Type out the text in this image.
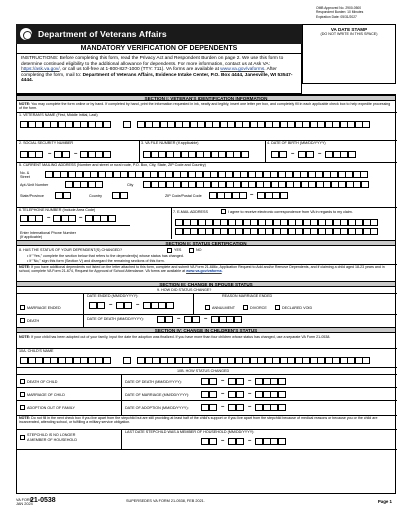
OMB Approved No. 2900-0500
Respondent Burden: 10 Minutes
Expiration Date: 05/31/2027
Department of Veterans Affairs	VA DATE STAMP
(DO NOT WRITE IN THIS SPACE)
MANDATORY VERIFICATION OF DEPENDENTS
INSTRUCTIONS: Before completing this form, read the Privacy Act and Respondent Burden on page 2. We use this form to determine continued eligibility to the additional allowance for dependents. For more information, contact us at Ask VA: https://ask.va.gov/, or call us toll-free at 1-800-827-1000 (TTY: 711). VA forms are available at www.va.gov/vaforms. After completing the form, mail to: Department of Veterans Affairs, Evidence Intake Center, P.O. Box 4444, Janesville, WI 53547- 4444.
SECTION I: VETERAN'S IDENTIFICATION INFORMATION
NOTE: You may complete the form online or by hand. If completed by hand, print the information requested in ink, neatly and legibly, insert one letter per box, and completely fill in each applicable check box to help expedite processing of the form.
1. VETERAN'S NAME (First, Middle Initial, Last)
2. SOCIAL SECURITY NUMBER	3. VA FILE NUMBER (If applicable)	4. DATE OF BIRTH (MM/DD/YYYY)
–	–	–	–
5. CURRENT MAILING ADDRESS (Number and street or rural route, P.O. Box, City, State, ZIP Code and Country)
No. &
Street
Apt./Unit Number	City
State/Province	Country	ZIP Code/Postal Code	–
6.TELEPHONE NUMBER (Include Area Code)
–	–
7. E-MAIL ADDRESS	I agree to receive electronic correspondence from VA in regards to my claim.
Enter International Phone Number
(If applicable)
SECTION II: STATUS CERTIFICATION
8. HAS THE STATUS OF YOUR DEPENDENT(S) CHANGED?	YES	NO
• If "Yes," complete the section below that refers to the dependent(s) whose status has changed.
• If "No," sign this form (Section V) and disregard the remaining sections of this form.
NOTE: If you have additional dependents not listed on the letter attached to this form, complete and submit VA Form 21-686c, Application Request to Add and/or Remove Dependents, and if claiming a child aged 18-23 years and in school, complete VA Form 21-674, Request for Approval of School Attendance. VA forms are available at www.va.gov/vaforms.
SECTION III: CHANGE IN SPOUSE STATUS
9. HOW DID STATUS CHANGE?
DATE ENDED (MM/DD/YYYY):	REASON MARRIAGE ENDED
MARRIAGE ENDED	–	–	ANNULMENT	DIVORCE	DECLARED VOID
DEATH	DATE OF DEATH (MM/DD/YYYY):	–	–
SECTION IV: CHANGE IN CHILDREN'S STATUS
NOTE: If your child has been adopted out of your family, input the date the adoption was finalized. If you have more than four children whose status has changed, use a separate VA Form 21-0538.
10A. CHILD'S NAME
10B. HOW STATUS CHANGED
DEATH OF CHILD	DATE OF DEATH (MM/DD/YYYY):	–	–
MARRIAGE OF CHILD	DATE OF MARRIAGE (MM/DD/YYYY):	–	–
ADOPTION OUT OF FAMILY	DATE OF ADOPTION (MM/DD/YYYY):	–	–
NOTE: Do not fill in the next check box if you live apart from the stepchild but are still providing at least half of the child's support or if you live apart from the stepchild because of medical reasons or because you or the child are incarcerated, attending school, or fulfilling a military service obligation.
STEPCHILD IS NO LONGER
A MEMBER OF HOUSEHOLD
LAST DATE STEPCHILD WAS A MEMBER OF HOUSEHOLD (MM/DD/YYYY):
–	–
VA FORM
JAN 2024
21-0538	SUPERSEDES VA FORM 21-0538, FEB 2021.	Page 1
